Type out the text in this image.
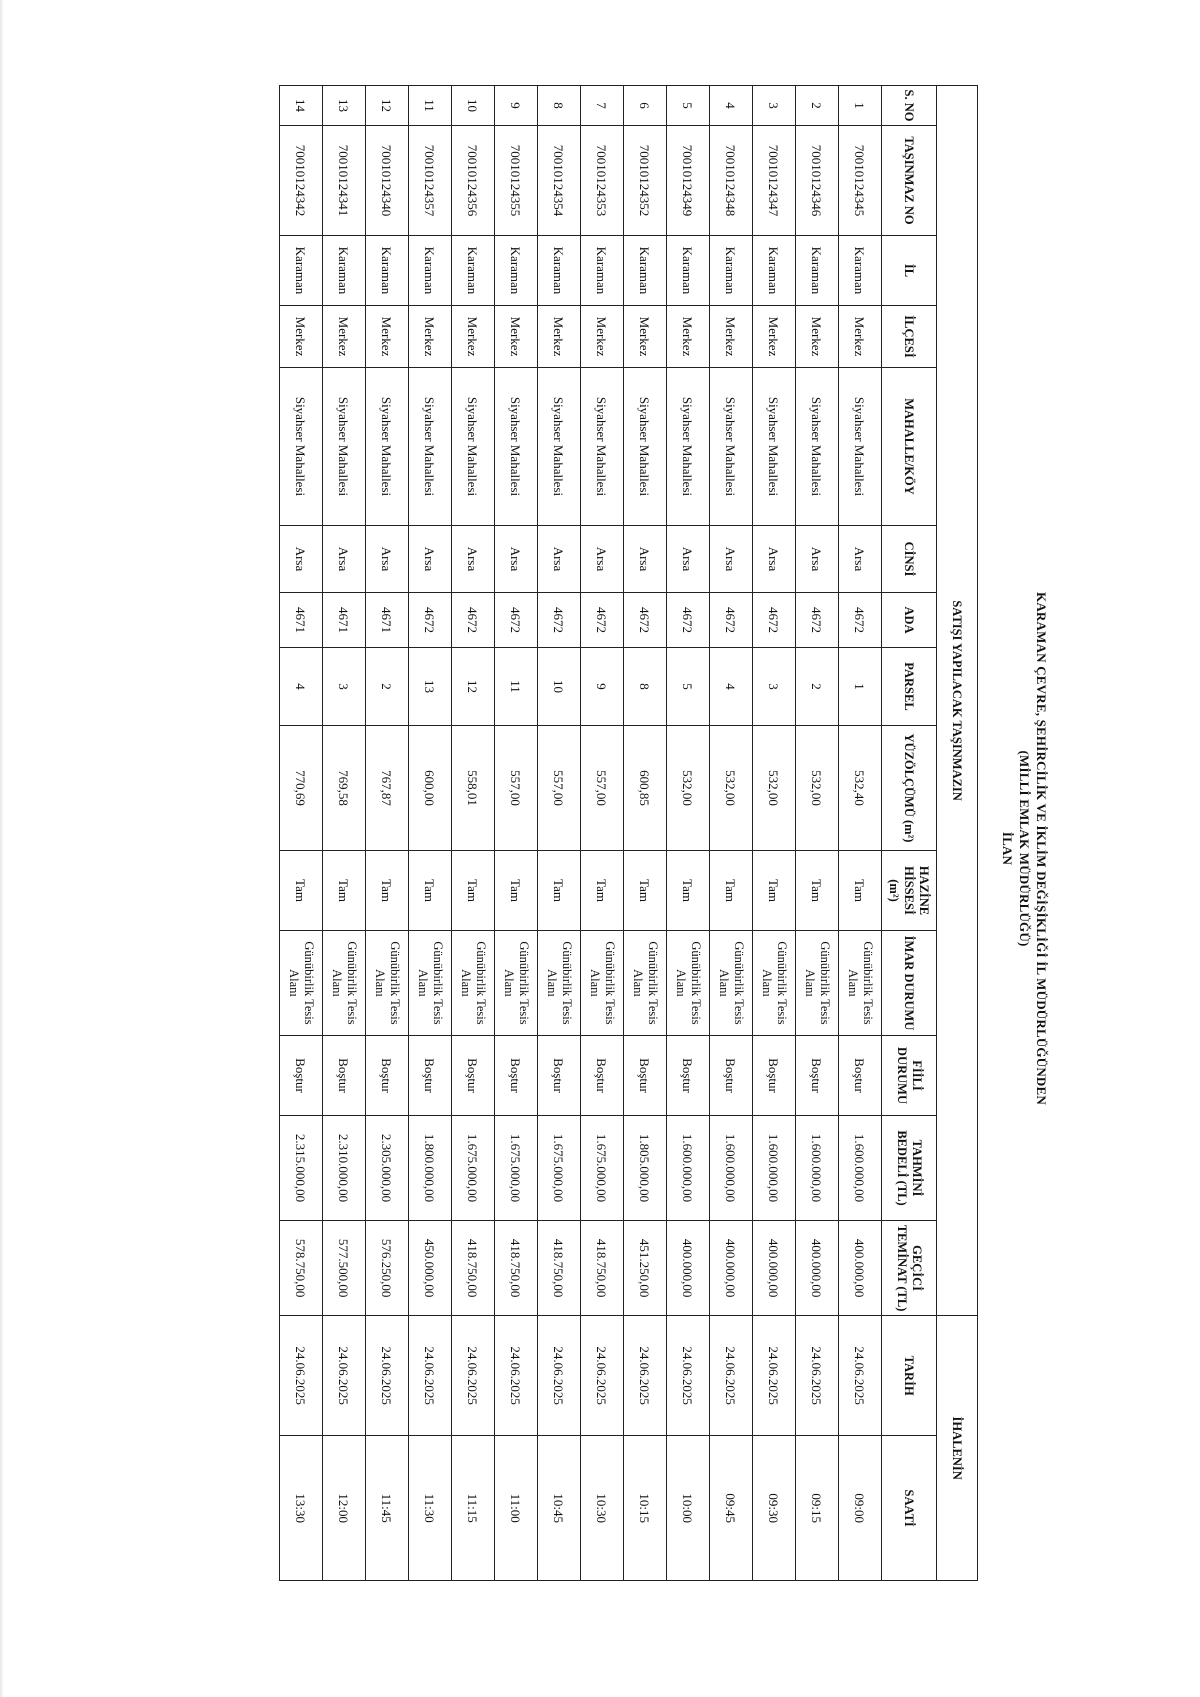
KARAMAN ÇEVRE, ŞEHİRCİLİK VE İKLİM DEĞİŞİKLİĞİ İL MÜDÜRLÜĞÜNDEN
(MİLLİ EMLAK MÜDÜRLÜĞÜ)
İLAN
SATIŞI YAPILACAK TAŞINMAZIN														İHALENİN	
S. NO	TAŞINMAZ NO	İL	İLÇESİ	MAHALLE/KÖY	CİNSİ	ADA	PARSEL	YÜZÖLÇÜMÜ (m²)	HAZİNE HİSSESİ (m²)	İMAR DURUMU	FİİLİ DURUMU	TAHMİNİ BEDELİ (TL)	GEÇİCİ TEMİNAT (TL)	TARİH	SAATİ
1	70010124345	Karaman	Merkez	Siyahser Mahallesi	Arsa	4672	1	532,40	Tam	Günübirlik Tesis Alanı	Boştur	1.600.000,00	400.000,00	24.06.2025	09:00
2	70010124346	Karaman	Merkez	Siyahser Mahallesi	Arsa	4672	2	532,00	Tam	Günübirlik Tesis Alanı	Boştur	1.600.000,00	400.000,00	24.06.2025	09:15
3	70010124347	Karaman	Merkez	Siyahser Mahallesi	Arsa	4672	3	532,00	Tam	Günübirlik Tesis Alanı	Boştur	1.600.000,00	400.000,00	24.06.2025	09:30
4	70010124348	Karaman	Merkez	Siyahser Mahallesi	Arsa	4672	4	532,00	Tam	Günübirlik Tesis Alanı	Boştur	1.600.000,00	400.000,00	24.06.2025	09:45
5	70010124349	Karaman	Merkez	Siyahser Mahallesi	Arsa	4672	5	532,00	Tam	Günübirlik Tesis Alanı	Boştur	1.600.000,00	400.000,00	24.06.2025	10:00
6	70010124352	Karaman	Merkez	Siyahser Mahallesi	Arsa	4672	8	600,85	Tam	Günübirlik Tesis Alanı	Boştur	1.805.000,00	451.250,00	24.06.2025	10:15
7	70010124353	Karaman	Merkez	Siyahser Mahallesi	Arsa	4672	9	557,00	Tam	Günübirlik Tesis Alanı	Boştur	1.675.000,00	418.750,00	24.06.2025	10:30
8	70010124354	Karaman	Merkez	Siyahser Mahallesi	Arsa	4672	10	557,00	Tam	Günübirlik Tesis Alanı	Boştur	1.675.000,00	418.750,00	24.06.2025	10:45
9	70010124355	Karaman	Merkez	Siyahser Mahallesi	Arsa	4672	11	557,00	Tam	Günübirlik Tesis Alanı	Boştur	1.675.000,00	418.750,00	24.06.2025	11:00
10	70010124356	Karaman	Merkez	Siyahser Mahallesi	Arsa	4672	12	558,01	Tam	Günübirlik Tesis Alanı	Boştur	1.675.000,00	418.750,00	24.06.2025	11:15
11	70010124357	Karaman	Merkez	Siyahser Mahallesi	Arsa	4672	13	600,00	Tam	Günübirlik Tesis Alanı	Boştur	1.800.000,00	450.000,00	24.06.2025	11:30
12	70010124340	Karaman	Merkez	Siyahser Mahallesi	Arsa	4671	2	767,87	Tam	Günübirlik Tesis Alanı	Boştur	2.305.000,00	576.250,00	24.06.2025	11:45
13	70010124341	Karaman	Merkez	Siyahser Mahallesi	Arsa	4671	3	769,58	Tam	Günübirlik Tesis Alanı	Boştur	2.310.000,00	577.500,00	24.06.2025	12:00
14	70010124342	Karaman	Merkez	Siyahser Mahallesi	Arsa	4671	4	770,69	Tam	Günübirlik Tesis Alanı	Boştur	2.315.000,00	578.750,00	24.06.2025	13:30
